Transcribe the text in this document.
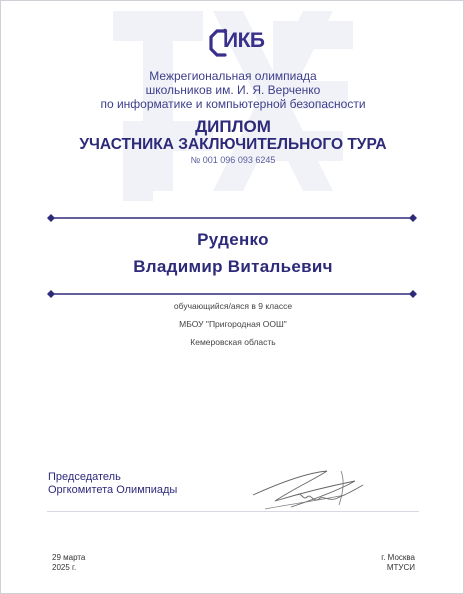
ИКБ
Межрегиональная олимпиада
школьников им. И. Я. Верченко
по информатике и компьютерной безопасности
ДИПЛОМ
УЧАСТНИКА ЗАКЛЮЧИТЕЛЬНОГО ТУРА
№ 001 096 093 6245
Руденко
Владимир Витальевич
обучающийся/аяся в 9 классе
МБОУ "Пригородная ООШ"
Кемеровская область
Председатель
Оргкомитета Олимпиады
29 марта
2025 г.
г. Москва
МТУСИ
